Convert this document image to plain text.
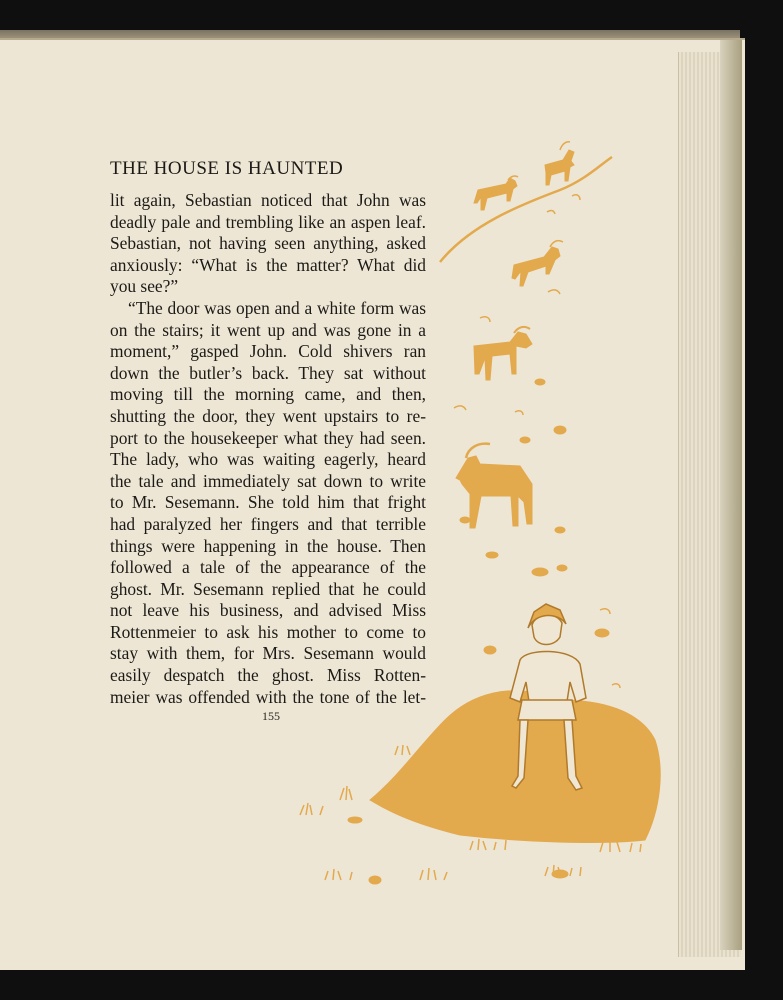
THE HOUSE IS HAUNTED
lit again, Sebastian noticed that John was
deadly pale and trembling like an aspen leaf.
Sebastian, not having seen anything, asked
anxiously: “What is the matter? What did
you see?”
“The door was open and a white form was
on the stairs; it went up and was gone in a
moment,” gasped John. Cold shivers ran
down the butler’s back. They sat without
moving till the morning came, and then,
shutting the door, they went upstairs to re-
port to the housekeeper what they had seen.
The lady, who was waiting eagerly, heard
the tale and immediately sat down to write
to Mr. Sesemann. She told him that fright
had paralyzed her fingers and that terrible
things were happening in the house. Then
followed a tale of the appearance of the
ghost. Mr. Sesemann replied that he could
not leave his business, and advised Miss
Rottenmeier to ask his mother to come to
stay with them, for Mrs. Sesemann would
easily despatch the ghost. Miss Rotten-
meier was offended with the tone of the let-
155
